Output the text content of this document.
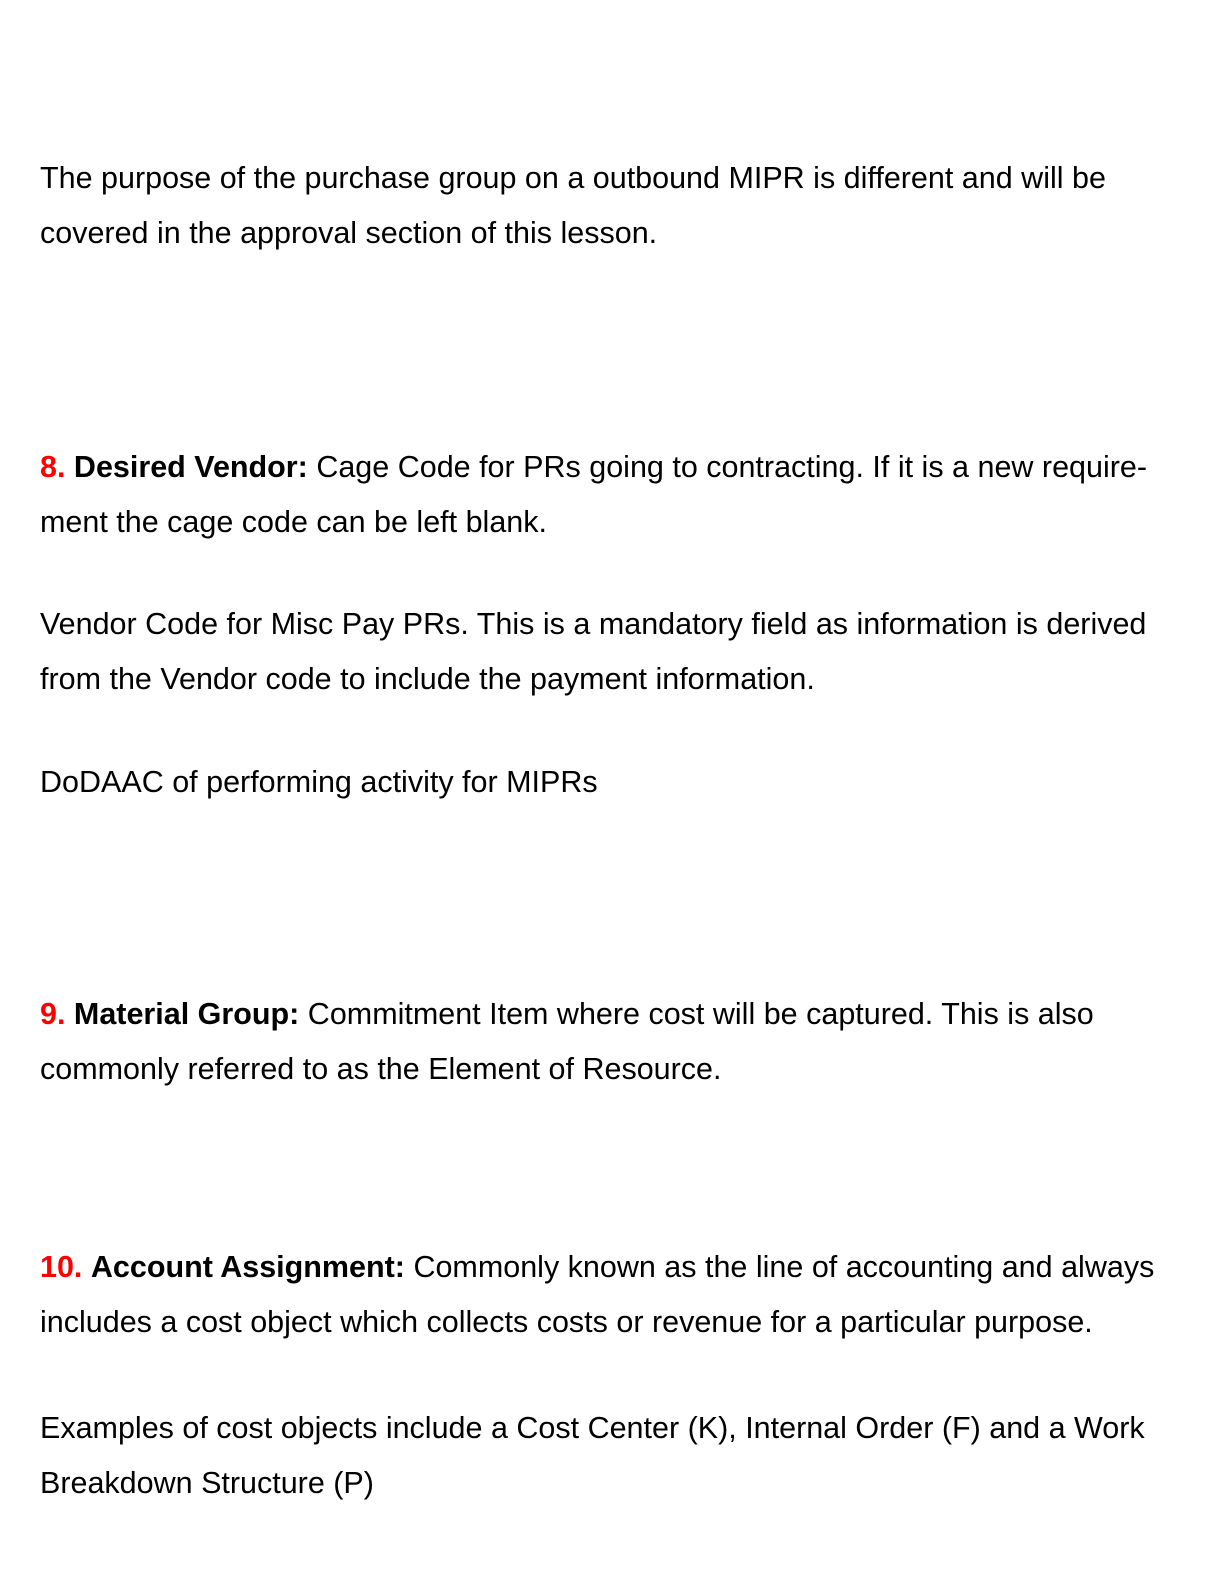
The purpose of the purchase group on a outbound MIPR is different and will be
covered in the approval section of this lesson.

8. Desired Vendor: Cage Code for PRs going to contracting. If it is a new require-
ment the cage code can be left blank.

Vendor Code for Misc Pay PRs. This is a mandatory field as information is derived
from the Vendor code to include the payment information.

DoDAAC of performing activity for MIPRs

9. Material Group: Commitment Item where cost will be captured. This is also
commonly referred to as the Element of Resource.

10. Account Assignment: Commonly known as the line of accounting and always
includes a cost object which collects costs or revenue for a particular purpose.

Examples of cost objects include a Cost Center (K), Internal Order (F) and a Work
Breakdown Structure (P)
